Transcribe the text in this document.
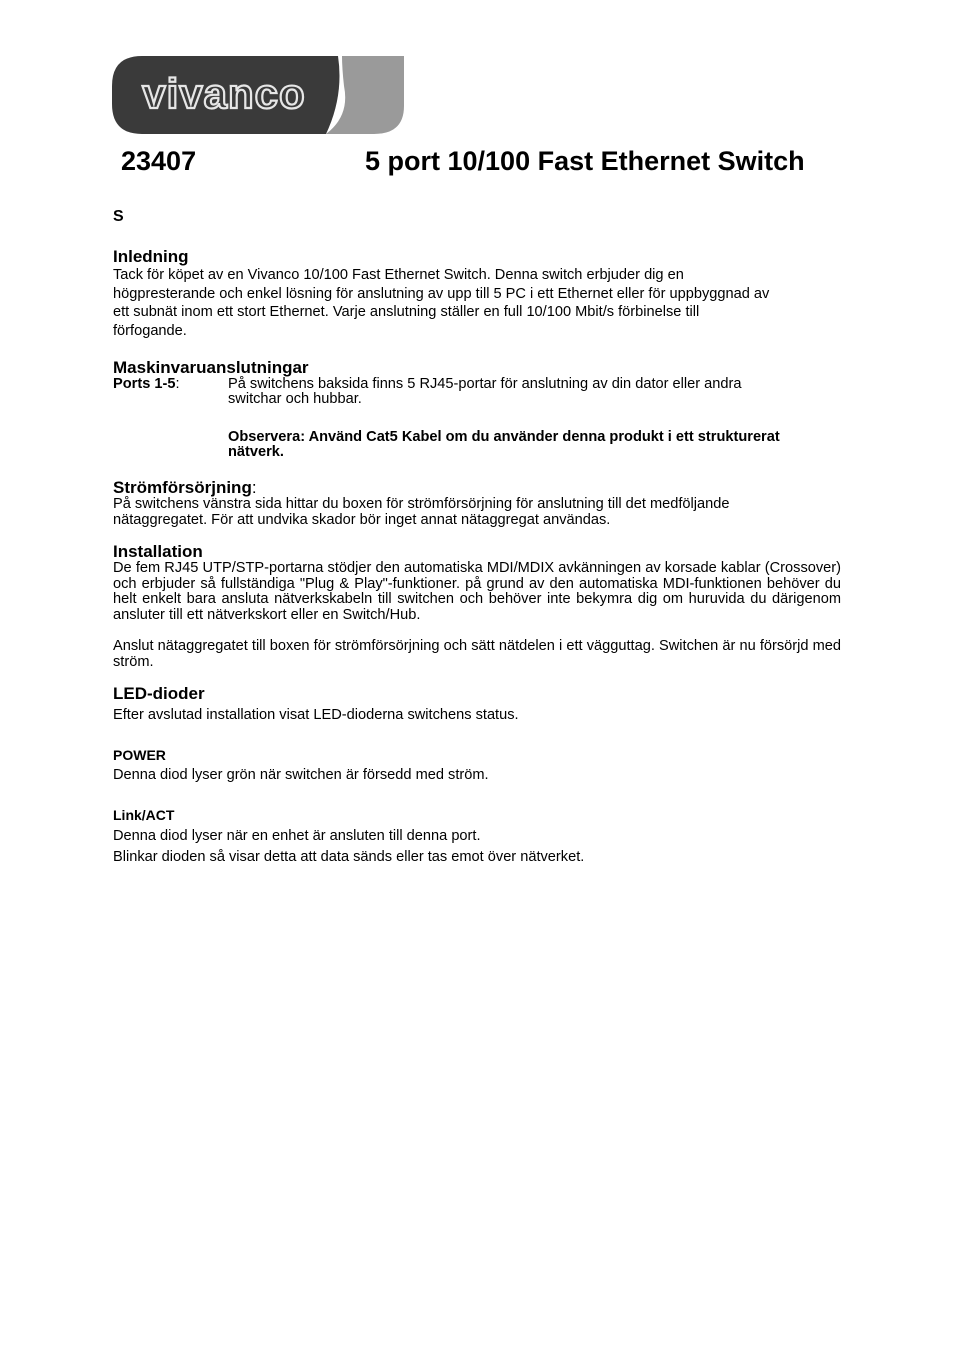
vivanco
23407	5 port 10/100 Fast Ethernet Switch

S

Inledning

Tack för köpet av en Vivanco 10/100 Fast Ethernet Switch. Denna switch erbjuder dig en

högpresterande och enkel lösning för anslutning av upp till 5 PC i ett Ethernet eller för uppbyggnad av

ett subnät inom ett stort Ethernet. Varje anslutning ställer en full 10/100 Mbit/s förbinelse till

förfogande.

Maskinvaruanslutningar
Ports 1-5:	På switchens baksida finns 5 RJ45-portar för anslutning av din dator eller andra
switchar och hubbar.
Observera: Använd Cat5 Kabel om du använder denna produkt i ett strukturerat
nätverk.
Strömförsörjning:

På switchens vänstra sida hittar du boxen för strömförsörjning för anslutning till det medföljande

nätaggregatet. För att undvika skador bör inget annat nätaggregat användas.

Installation

De fem RJ45 UTP/STP-portarna stödjer den automatiska MDI/MDIX avkänningen av korsade kablar (Crossover) och erbjuder så fullständiga "Plug & Play"-funktioner. på grund av den automatiska MDI-funktionen behöver du helt enkelt bara ansluta nätverkskabeln till switchen och behöver inte bekymra dig om huruvida du därigenom ansluter till ett nätverkskort eller en Switch/Hub.

Anslut nätaggregatet till boxen för strömförsörjning och sätt nätdelen i ett vägguttag. Switchen är nu försörjd med ström.

LED-dioder

Efter avslutad installation visat LED-dioderna switchens status.

POWER

Denna diod lyser grön när switchen är försedd med ström.

Link/ACT

Denna diod lyser när en enhet är ansluten till denna port.

Blinkar dioden så visar detta att data sänds eller tas emot över nätverket.
